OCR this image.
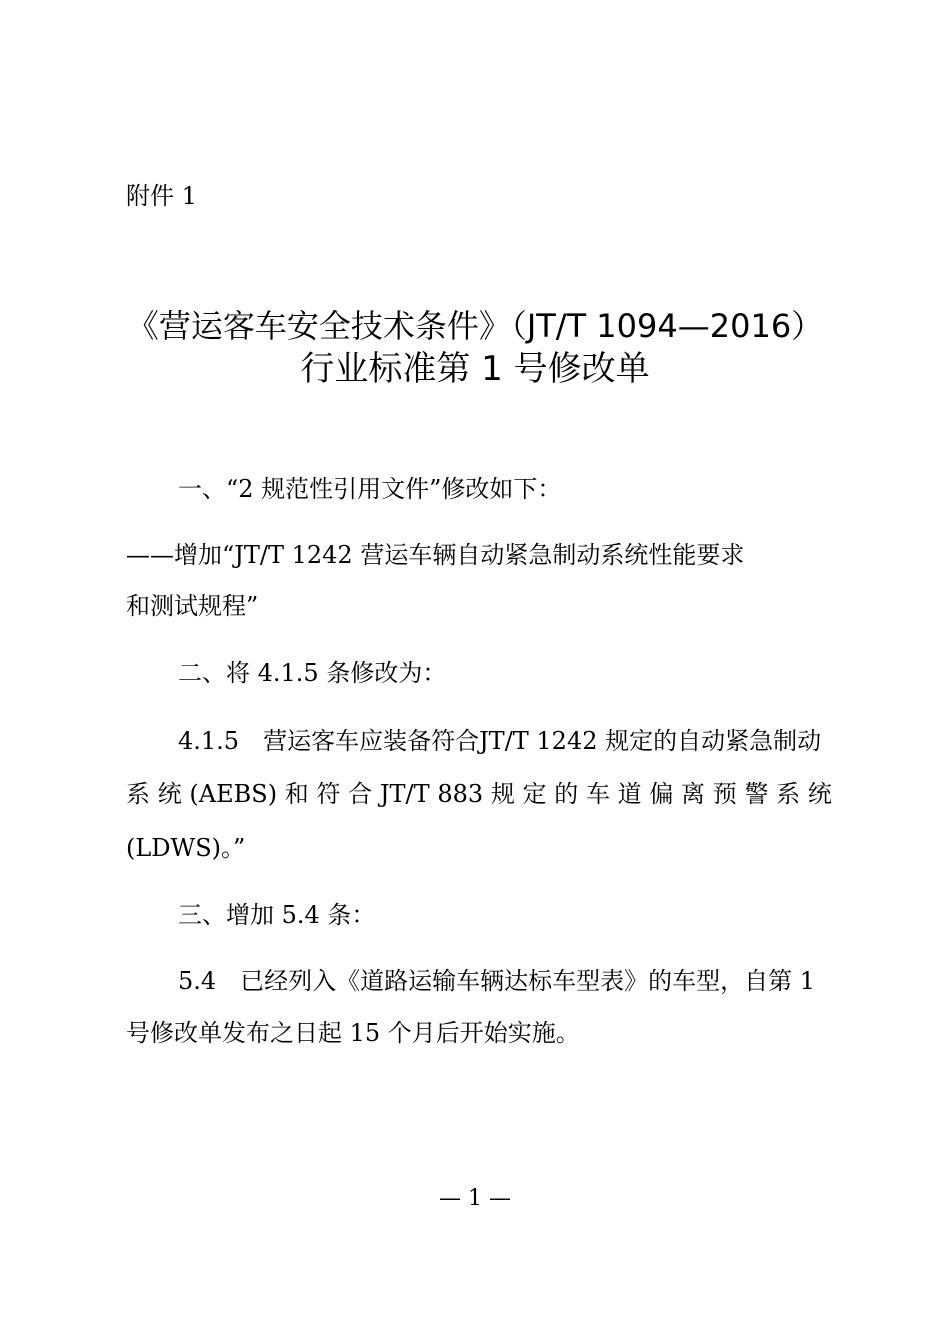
附件 1
《营运客车安全技术条件》（JT/T 1094—2016）
行业标准第 1 号修改单
一、“2 规范性引用文件”修改如下：
——增加“JT/T 1242 营运车辆自动紧急制动系统性能要求
和测试规程”
二、将 4.1.5 条修改为：
4.1.5　营运客车应装备符合JT/T 1242 规定的自动紧急制动
系 统 (AEBS) 和 符 合 JT/T 883 规 定 的 车 道 偏 离 预 警 系 统
(LDWS)。”
三、增加 5.4 条：
5.4　已经列入《道路运输车辆达标车型表》的车型，自第 1
号修改单发布之日起 15 个月后开始实施。
— 1 —
